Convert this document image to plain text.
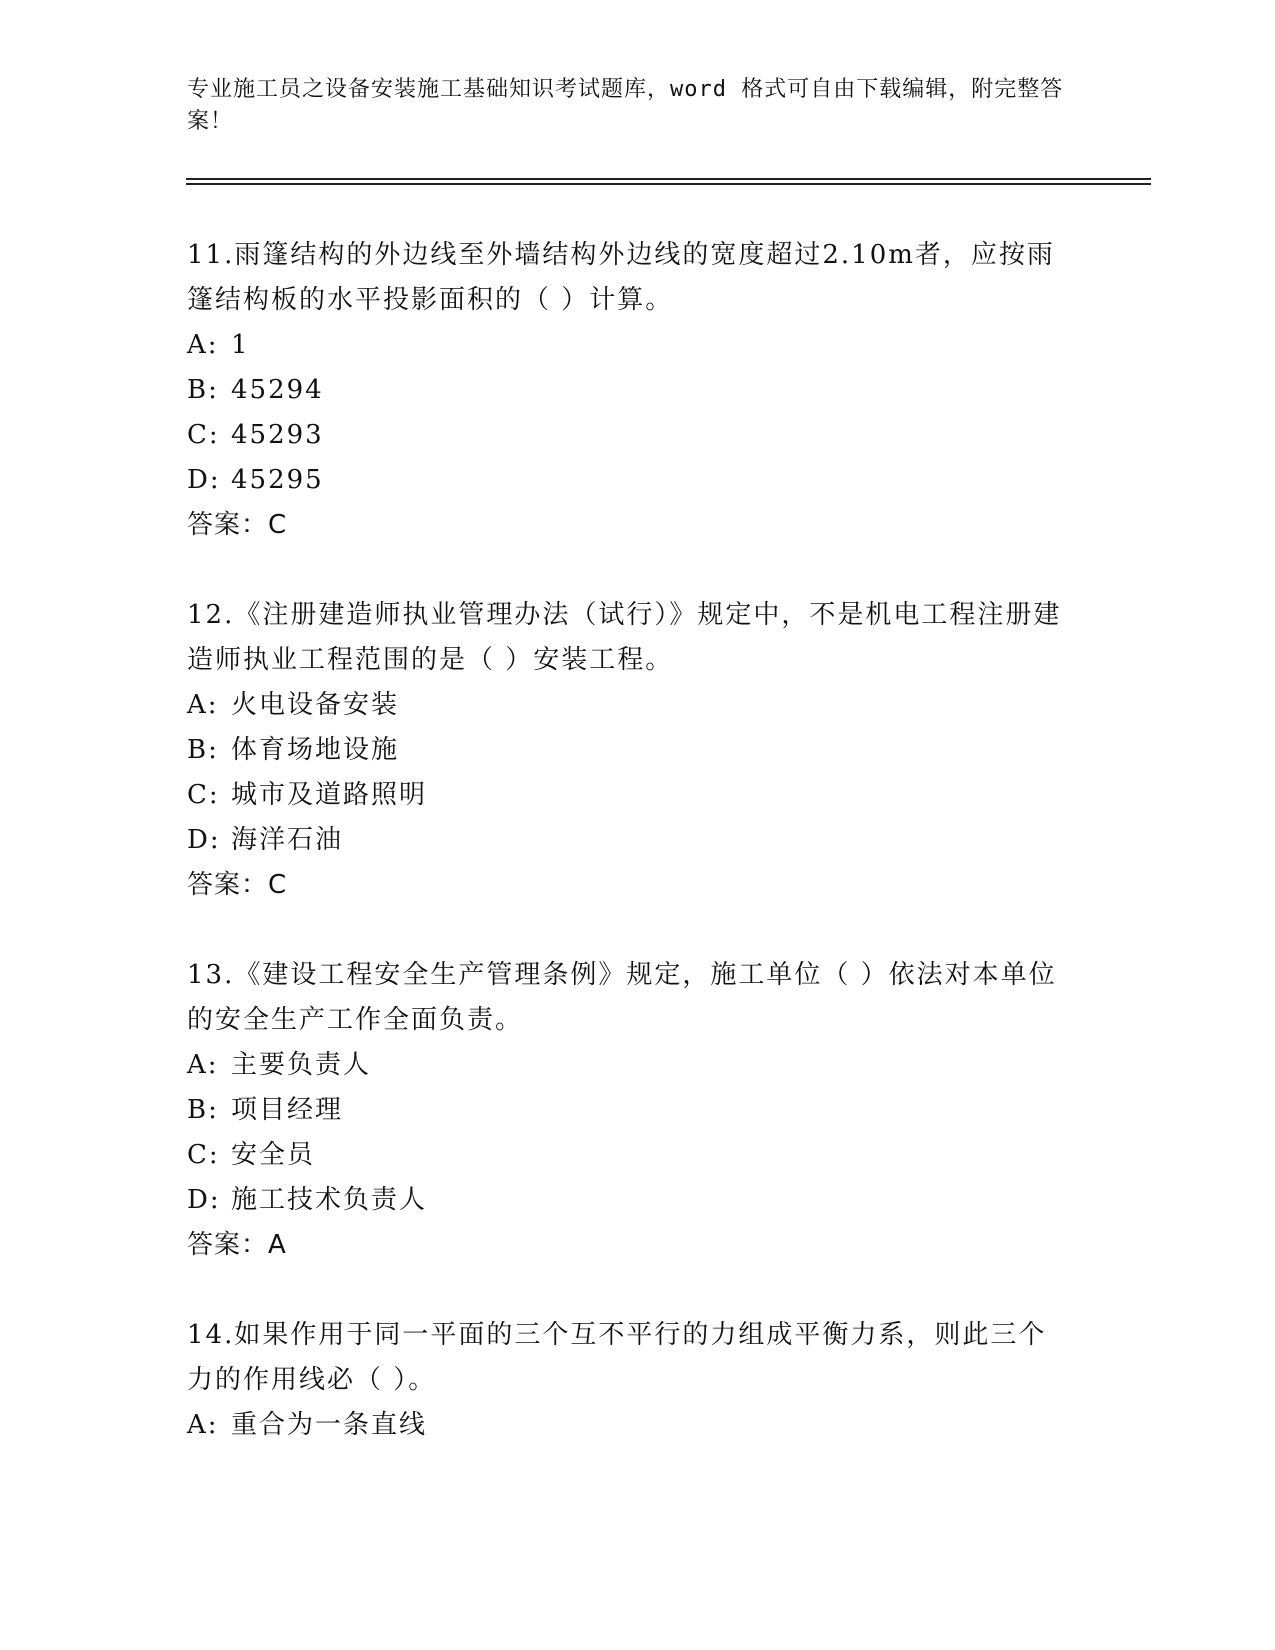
专业施工员之设备安装施工基础知识考试题库，word 格式可自由下载编辑，附完整答案！

11.雨篷结构的外边线至外墙结构外边线的宽度超过2.10m者，应按雨篷结构板的水平投影面积的（ ）计算。

A: 1

B: 45294

C: 45293

D: 45295

答案：C

12.《注册建造师执业管理办法（试行）》规定中，不是机电工程注册建造师执业工程范围的是（ ）安装工程。

A: 火电设备安装

B: 体育场地设施

C: 城市及道路照明

D: 海洋石油

答案：C

13.《建设工程安全生产管理条例》规定，施工单位（ ）依法对本单位的安全生产工作全面负责。

A: 主要负责人

B: 项目经理

C: 安全员

D: 施工技术负责人

答案：A

14.如果作用于同一平面的三个互不平行的力组成平衡力系，则此三个力的作用线必（ ）。

A: 重合为一条直线
